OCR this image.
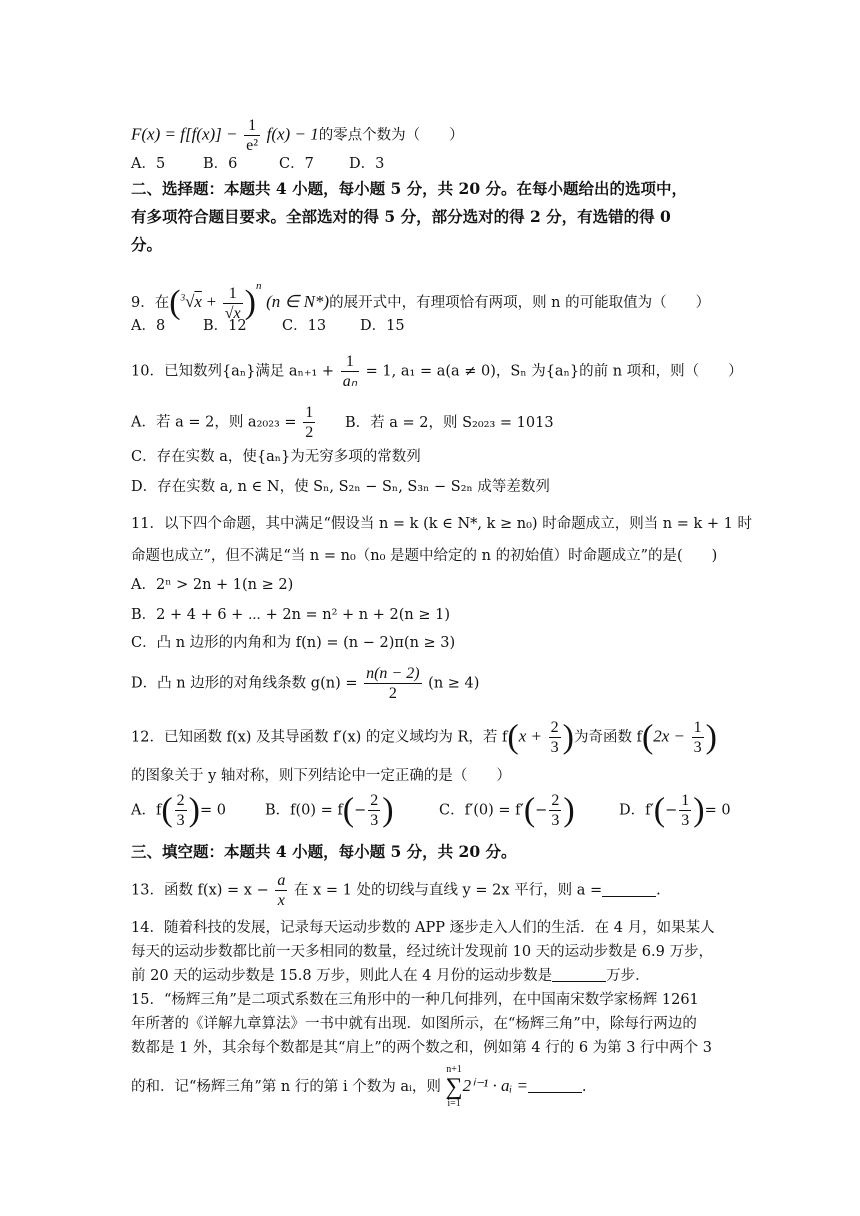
$F(x) = f[f(x)] - \frac{1}{\text{e²}} f(x) - 1$的零点个数为（　　）
A．5	B．6	C．7 D．3
二、选择题：本题共 4 小题，每小题 5 分，共 20 分。在每小题给出的选项中，
有多项符合题目要求。全部选对的得 5 分，部分选对的得 2 分，有选错的得 0
分。
9．在$(^3√x + \frac{1}{√x} )^n$ (n ∈ N*)的展开式中，有理项恰有两项，则 n 的可能取值为（　　）
A．8	B．12 C．13 D．15
10．已知数列{aₙ}满足 $a_{n+1} + \frac{1}{\text{aₙ}} = 1$, a₁ = a(a ≠ 0)，Sₙ 为{aₙ}的前 n 项和，则（　　）
A．若 a = 2，则 $a_{2023} = \frac{1}{2}$ B．若 a = 2，则 S₂₀₂₃ = 1013
C．存在实数 a，使{aₙ}为无穷多项的常数列
D．存在实数 a, n ∈ N，使 Sₙ, S₂ₙ − Sₙ, S₃ₙ − S₂ₙ 成等差数列
11．以下四个命题，其中满足“假设当 n = k (k ∈ N*, k ≥ n₀) 时命题成立，则当 n = k + 1 时
命题也成立”，但不满足“当 n = n₀（n₀ 是题中给定的 n 的初始值）时命题成立”的是(　　)
A．2ⁿ > 2n + 1(n ≥ 2)
B．2 + 4 + 6 + ⋯ + 2n = n² + n + 2(n ≥ 1)
C．凸 n 边形的内角和为 f(n) = (n − 2)π(n ≥ 3)
D．凸 n 边形的对角线条数 $g(n) = \frac{n(n - 2)}{2} (n \ge 4)$
12．已知函数 f(x) 及其导函数 f′(x) 的定义域均为 R，若 $f(x + \frac{2}{3}$ )为奇函数 $f(2x - \frac{1}{3}$ )
的图象关于 y 轴对称，则下列结论中一定正确的是（　　）
A．$f( \frac{2}{3}$ )= 0	B．$f(0) = f(- \frac{2}{3}$ )	C．$f'(0) = f'(- \frac{2}{3}$ )	D．$f'(- \frac{1}{3}$ )= 0
三、填空题：本题共 4 小题，每小题 5 分，共 20 分。
13．函数 $f(x) = x - \frac{a}{x}$ 在 x = 1 处的切线与直线 y = 2x 平行，则 a =	.
14．随着科技的发展，记录每天运动步数的 APP 逐步走入人们的生活．在 4 月，如果某人
每天的运动步数都比前一天多相同的数量，经过统计发现前 10 天的运动步数是 6.9 万步，
前 20 天的运动步数是 15.8 万步，则此人在 4 月份的运动步数是	万步．
15．“杨辉三角”是二项式系数在三角形中的一种几何排列，在中国南宋数学家杨辉 1261
年所著的《详解九章算法》一书中就有出现．如图所示，在“杨辉三角”中，除每行两边的
数都是 1 外，其余每个数都是其“肩上”的两个数之和，例如第 4 行的 6 为第 3 行中两个 3
的和．记“杨辉三角”第 n 行的第 i 个数为 aᵢ，则
n+1
∑
i=1
2ⁱ⁻¹ · aᵢ =	.
